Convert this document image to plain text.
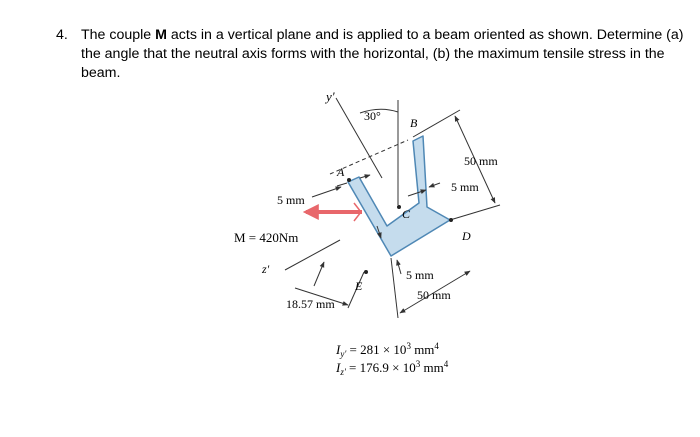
4. The couple M acts in a vertical plane and is applied to a beam oriented as shown. Determine (a) the angle that the neutral axis forms with the horizontal, (b) the maximum tensile stress in the beam.
y'
z'
30°
A
B
C
D
E
5 mm
50 mm
5 mm
M = 420Nm
5 mm
50 mm
18.57 mm
$I_{y'} = 281 \times 10^3$ $mm^4$
$I_{z'} = 176.9 \times 10^3$ $mm^4$
